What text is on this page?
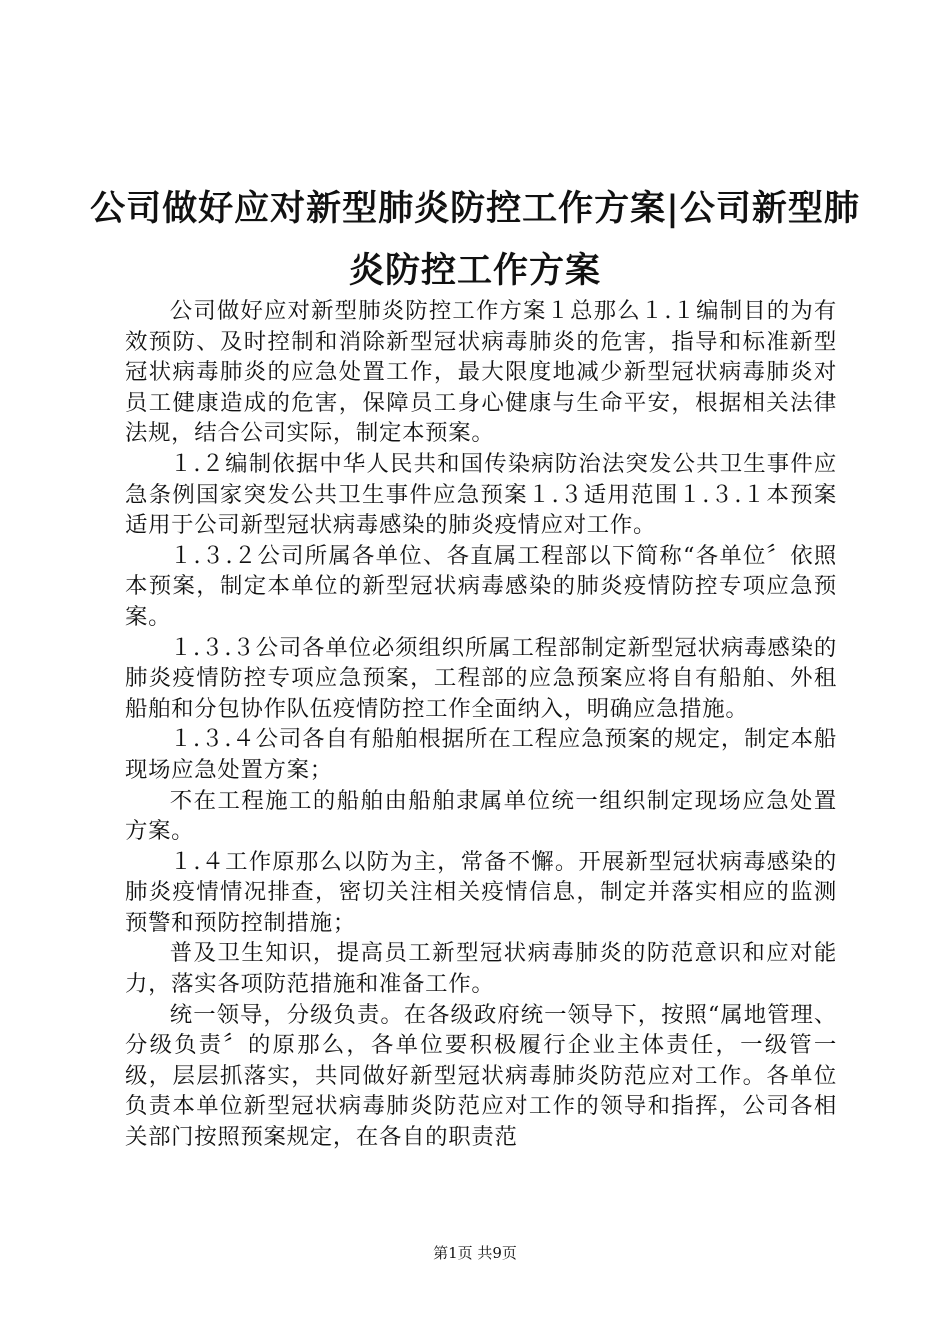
公司做好应对新型肺炎防控工作方案|公司新型肺炎防控工作方案

公司做好应对新型肺炎防控工作方案１总那么１.１编制目的为有效预防、及时控制和消除新型冠状病毒肺炎的危害，指导和标准新型冠状病毒肺炎的应急处置工作，最大限度地减少新型冠状病毒肺炎对员工健康造成的危害，保障员工身心健康与生命平安，根据相关法律法规，结合公司实际，制定本预案。

１.２编制依据中华人民共和国传染病防治法突发公共卫生事件应急条例国家突发公共卫生事件应急预案１.３适用范围１.３.１本预案适用于公司新型冠状病毒感染的肺炎疫情应对工作。

１.３.２公司所属各单位、各直属工程部以下简称“各单位〞依照本预案，制定本单位的新型冠状病毒感染的肺炎疫情防控专项应急预案。

１.３.３公司各单位必须组织所属工程部制定新型冠状病毒感染的肺炎疫情防控专项应急预案，工程部的应急预案应将自有船舶、外租船舶和分包协作队伍疫情防控工作全面纳入，明确应急措施。

１.３.４公司各自有船舶根据所在工程应急预案的规定，制定本船现场应急处置方案；

不在工程施工的船舶由船舶隶属单位统一组织制定现场应急处置方案。

１.４工作原那么以防为主，常备不懈。开展新型冠状病毒感染的肺炎疫情情况排查，密切关注相关疫情信息，制定并落实相应的监测预警和预防控制措施；

普及卫生知识，提高员工新型冠状病毒肺炎的防范意识和应对能力，落实各项防范措施和准备工作。

统一领导，分级负责。在各级政府统一领导下，按照“属地管理、分级负责〞的原那么，各单位要积极履行企业主体责任，一级管一级，层层抓落实，共同做好新型冠状病毒肺炎防范应对工作。各单位负责本单位新型冠状病毒肺炎防范应对工作的领导和指挥，公司各相关部门按照预案规定，在各自的职责范

第1页 共9页
